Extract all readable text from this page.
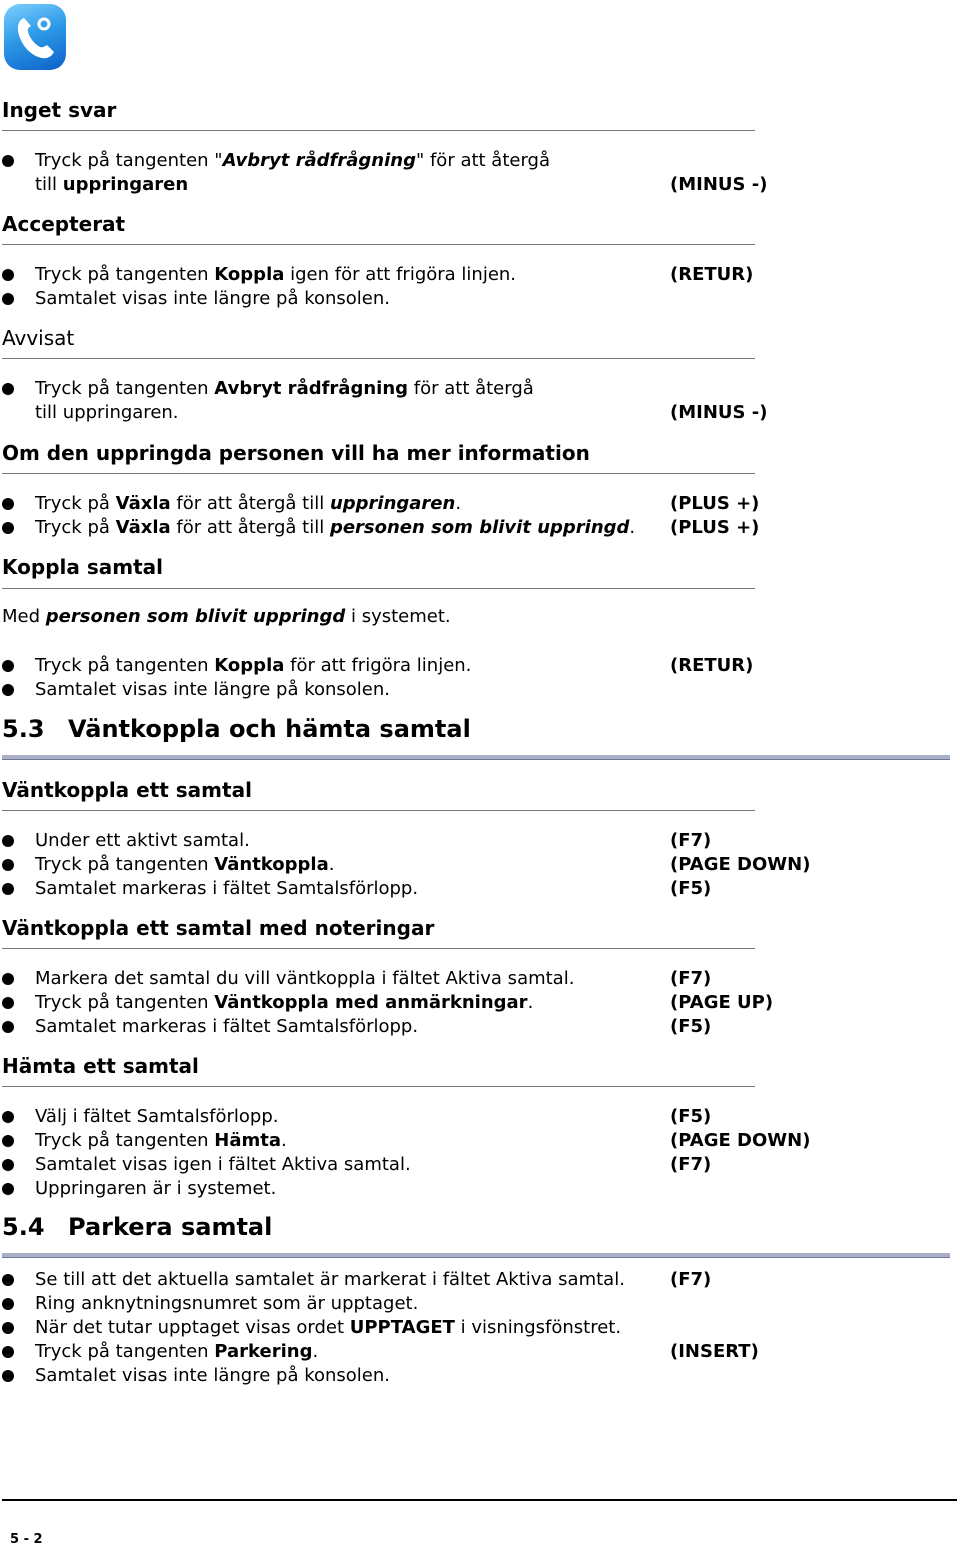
Inget svar
Tryck på tangenten "Avbryt rådfrågning" för att återgå
till uppringaren	(MINUS -)
Accepterat
Tryck på tangenten Koppla igen för att frigöra linjen.	(RETUR)
Samtalet visas inte längre på konsolen.
Avvisat
Tryck på tangenten Avbryt rådfrågning för att återgå
till uppringaren.	(MINUS -)
Om den uppringda personen vill ha mer information
Tryck på Växla för att återgå till uppringaren.	(PLUS +)
Tryck på Växla för att återgå till personen som blivit uppringd. (PLUS +)
Koppla samtal
Med personen som blivit uppringd i systemet.
Tryck på tangenten Koppla för att frigöra linjen.	(RETUR)
Samtalet visas inte längre på konsolen.
5.3 Väntkoppla och hämta samtal
Väntkoppla ett samtal
Under ett aktivt samtal.	(F7)
Tryck på tangenten Väntkoppla.	(PAGE DOWN)
Samtalet markeras i fältet Samtalsförlopp.	(F5)
Väntkoppla ett samtal med noteringar
Markera det samtal du vill väntkoppla i fältet Aktiva samtal.	(F7)
Tryck på tangenten Väntkoppla med anmärkningar.	(PAGE UP)
Samtalet markeras i fältet Samtalsförlopp.	(F5)
Hämta ett samtal
Välj i fältet Samtalsförlopp.	(F5)
Tryck på tangenten Hämta.	(PAGE DOWN)
Samtalet visas igen i fältet Aktiva samtal.	(F7)
Uppringaren är i systemet.
5.4 Parkera samtal
Se till att det aktuella samtalet är markerat i fältet Aktiva samtal.	(F7)
Ring anknytningsnumret som är upptaget.
När det tutar upptaget visas ordet UPPTAGET i visningsfönstret.
Tryck på tangenten Parkering.	(INSERT)
Samtalet visas inte längre på konsolen.
5 - 2
